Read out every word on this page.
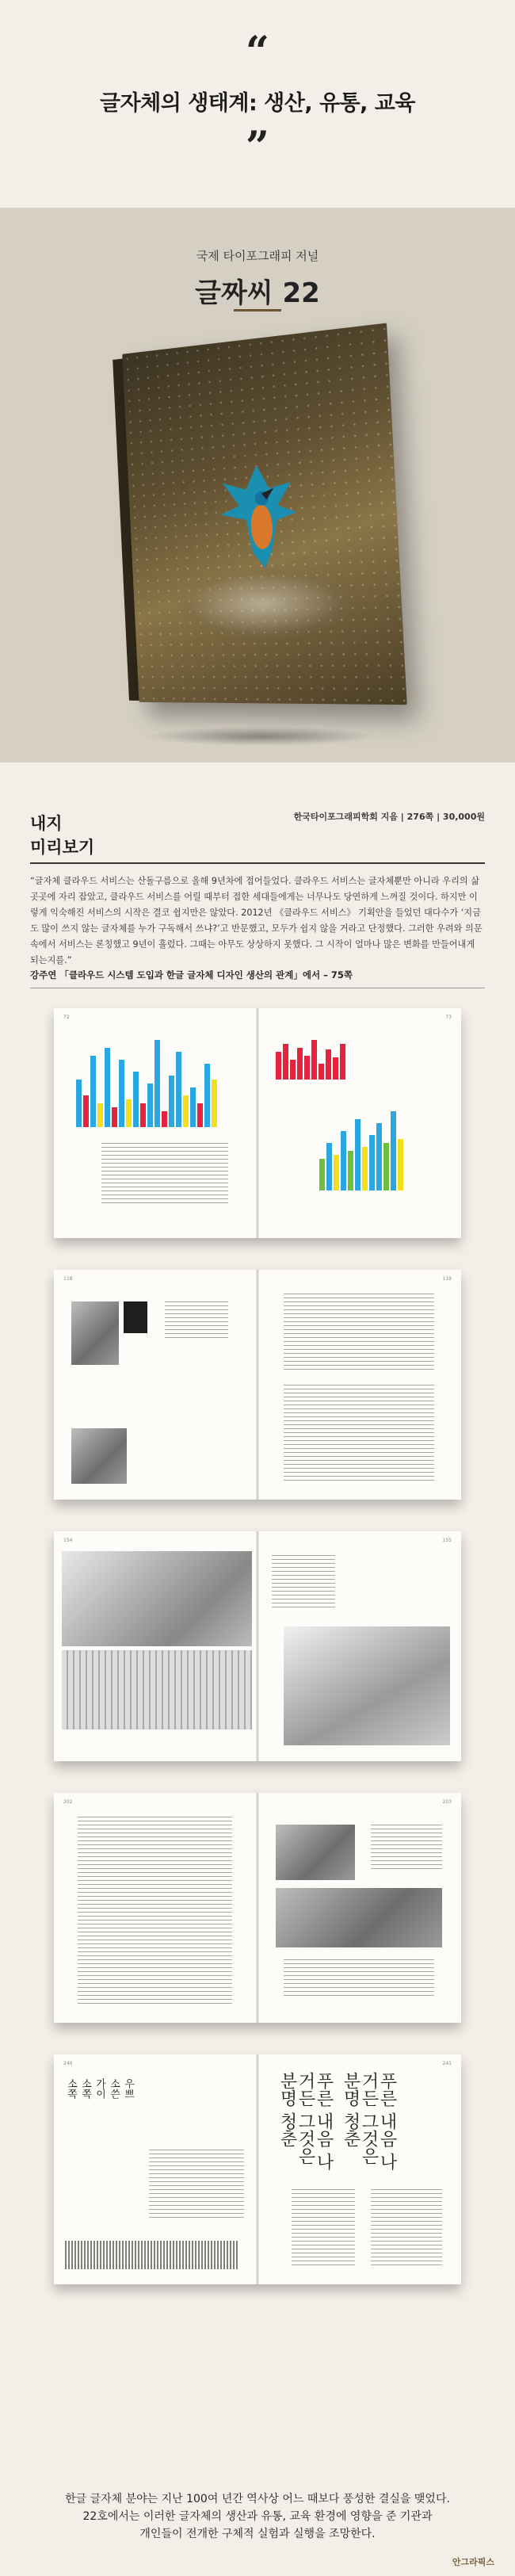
“
글자체의 생태계: 생산, 유통, 교육
”
국제 타이포그래피 저널
글짜씨 22
내지
미리보기
한국타이포그래피학회 지음 | 276쪽 | 30,000원

“글자체 클라우드 서비스는 산돌구름으로 올해 9년차에 접어들었다. 클라우드 서비스는 글자체뿐만 아니라 우리의 삶 곳곳에 자리 잡았고, 클라우드 서비스를 어릴 때부터 접한 세대들에게는 너무나도 당연하게 느껴질 것이다. 하지만 이렇게 익숙해진 서비스의 시작은 결코 쉽지만은 않았다. 2012년 《클라우드 서비스》 기획안을 들었던 대다수가 ‘지금도 많이 쓰지 않는 글자체를 누가 구독해서 쓰냐?’고 반문했고, 모두가 쉽지 않을 거라고 단정했다. 그러한 우려와 의문 속에서 서비스는 론칭했고 9년이 흘렀다. 그때는 아무도 상상하지 못했다. 그 시작이 얼마나 많은 변화를 만들어내게 되는지를.”

강주연 「클라우드 시스템 도입과 한글 글자체 디자인 생산의 관계」에서 – 75쪽
72	73
118	119
154	155
202	203
240	241
소쪽 소쪽 가이 소쓴 우쁘	푸른 내음 나거든 그것은 분명 청춘	푸른 내음 나거든 그것은 분명 청춘
한글 글자체 분야는 지난 100여 년간 역사상 어느 때보다 풍성한 결실을 맺었다.
22호에서는 이러한 글자체의 생산과 유통, 교육 환경에 영향을 준 기관과
개인들이 전개한 구체적 실험과 실행을 조망한다.
안그라픽스
